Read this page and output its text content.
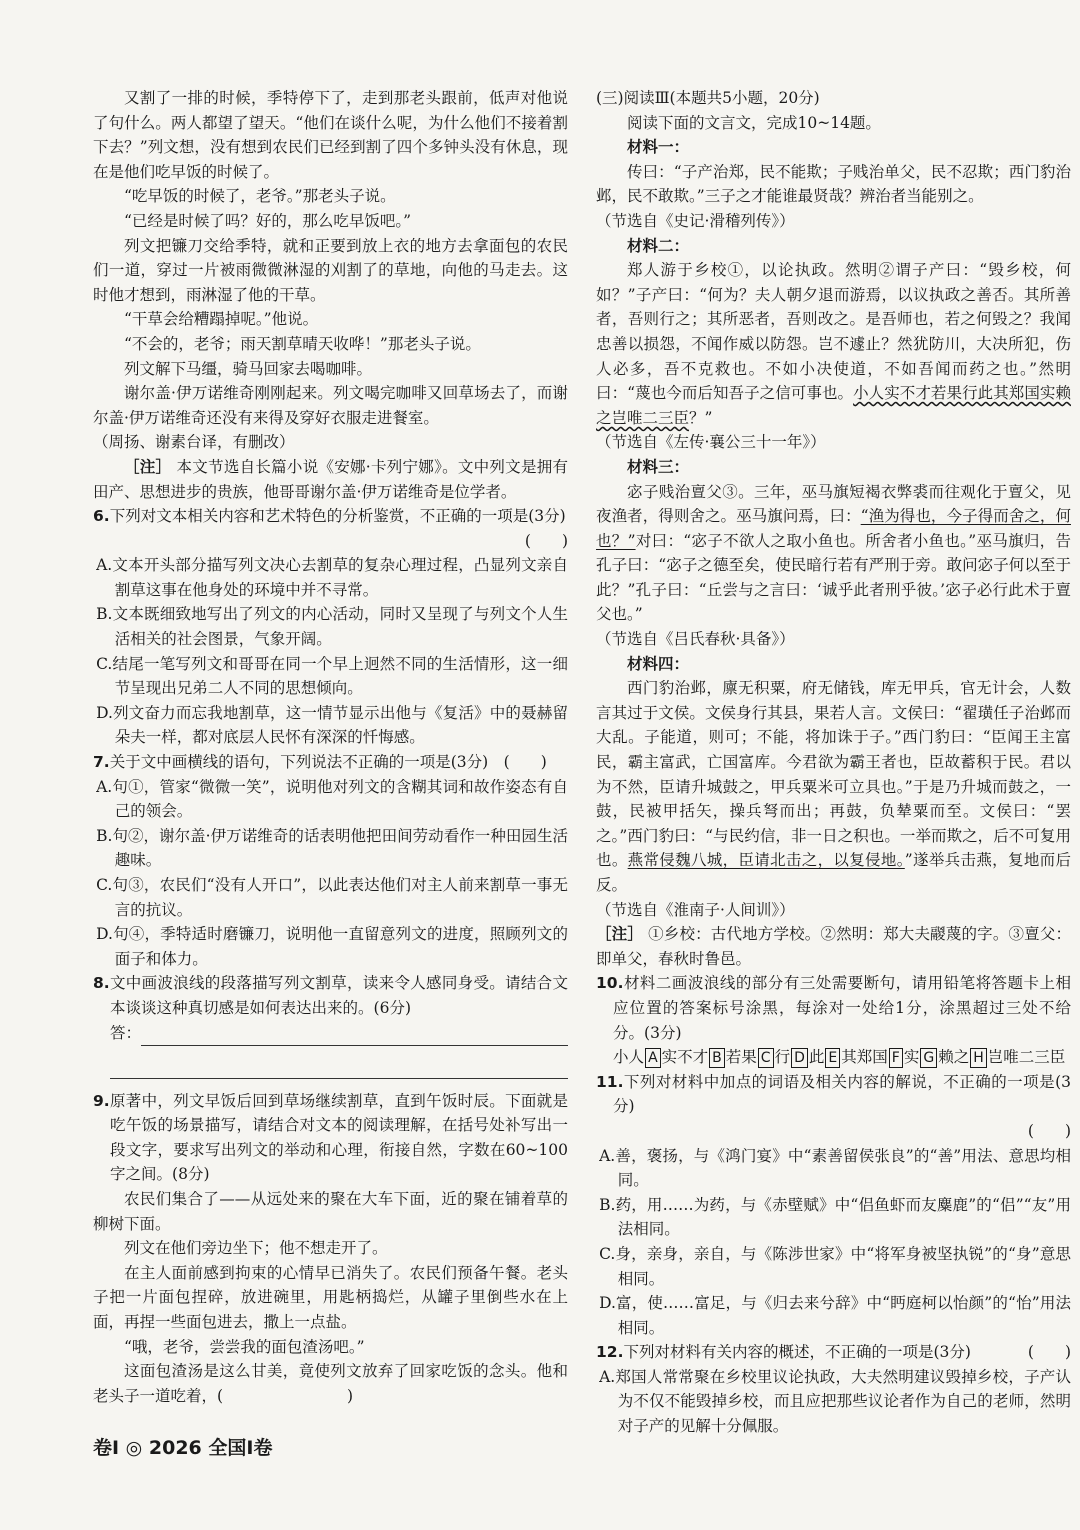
又割了一排的时候，季特停下了，走到那老头跟前，低声对他说了句什么。两人都望了望天。“他们在谈什么呢，为什么他们不接着割下去？”列文想，没有想到农民们已经到割了四个多钟头没有休息，现在是他们吃早饭的时候了。

“吃早饭的时候了，老爷。”那老头子说。

“已经是时候了吗？好的，那么吃早饭吧。”

列文把镰刀交给季特，就和正要到放上衣的地方去拿面包的农民们一道，穿过一片被雨微微淋湿的刈割了的草地，向他的马走去。这时他才想到，雨淋湿了他的干草。

“干草会给糟蹋掉呢。”他说。

“不会的，老爷；雨天割草晴天收哗！”那老头子说。

列文解下马缰，骑马回家去喝咖啡。

谢尔盖·伊万诺维奇刚刚起来。列文喝完咖啡又回草场去了，而谢尔盖·伊万诺维奇还没有来得及穿好衣服走进餐室。

（周扬、谢素台译，有删改）

［注］ 本文节选自长篇小说《安娜·卡列宁娜》。文中列文是拥有田产、思想进步的贵族，他哥哥谢尔盖·伊万诺维奇是位学者。

6.下列对文本相关内容和艺术特色的分析鉴赏，不正确的一项是(3分)

(　　)

A.文本开头部分描写列文决心去割草的复杂心理过程，凸显列文亲自割草这事在他身处的环境中并不寻常。

B.文本既细致地写出了列文的内心活动，同时又呈现了与列文个人生活相关的社会图景，气象开阔。

C.结尾一笔写列文和哥哥在同一个早上迥然不同的生活情形，这一细节呈现出兄弟二人不同的思想倾向。

D.列文奋力而忘我地割草，这一情节显示出他与《复活》中的聂赫留朵夫一样，都对底层人民怀有深深的忏悔感。

7.关于文中画横线的语句，下列说法不正确的一项是(3分)　(　　)

A.句①，管家“微微一笑”，说明他对列文的含糊其词和故作姿态有自己的领会。

B.句②，谢尔盖·伊万诺维奇的话表明他把田间劳动看作一种田园生活趣味。

C.句③，农民们“没有人开口”，以此表达他们对主人前来割草一事无言的抗议。

D.句④，季特适时磨镰刀，说明他一直留意列文的进度，照顾列文的面子和体力。

8.文中画波浪线的段落描写列文割草，读来令人感同身受。请结合文本谈谈这种真切感是如何表达出来的。(6分)

答：

9.原著中，列文早饭后回到草场继续割草，直到午饭时辰。下面就是吃午饭的场景描写，请结合对文本的阅读理解，在括号处补写出一段文字，要求写出列文的举动和心理，衔接自然，字数在60~100字之间。(8分)

农民们集合了——从远处来的聚在大车下面，近的聚在铺着草的柳树下面。

列文在他们旁边坐下；他不想走开了。

在主人面前感到拘束的心情早已消失了。农民们预备午餐。老头子把一片面包捏碎，放进碗里，用匙柄捣烂，从罐子里倒些水在上面，再捏一些面包进去，撒上一点盐。

“哦，老爷，尝尝我的面包渣汤吧。”

这面包渣汤是这么甘美，竟使列文放弃了回家吃饭的念头。他和老头子一道吃着，(　　　　　　　　)

(三)阅读Ⅲ(本题共5小题，20分)

阅读下面的文言文，完成10~14题。

材料一：

传曰：“子产治郑，民不能欺；子贱治单父，民不忍欺；西门豹治邺，民不敢欺。”三子之才能谁最贤哉？辨治者当能别之。

（节选自《史记·滑稽列传》）

材料二：

郑人游于乡校①，以论执政。然明②谓子产曰：“毁乡校，何如？”子产曰：“何为？夫人朝夕退而游焉，以议执政之善否。其所善者，吾则行之；其所恶者，吾则改之。是吾师也，若之何毁之？我闻忠善以损怨，不闻作威以防怨。岂不遽止？然犹防川，大决所犯，伤人必多，吾不克救也。不如小决使道，不如吾闻而药之也。”然明曰：“蔑也今而后知吾子之信可事也。小人实不才若果行此其郑国实赖之岂唯二三臣？”

（节选自《左传·襄公三十一年》）

材料三：

宓子贱治亶父③。三年，巫马旗短褐衣弊裘而往观化于亶父，见夜渔者，得则舍之。巫马旗问焉，曰：“渔为得也，今子得而舍之，何也？”对曰：“宓子不欲人之取小鱼也。所舍者小鱼也。”巫马旗归，告孔子曰：“宓子之德至矣，使民暗行若有严刑于旁。敢问宓子何以至于此？”孔子曰：“丘尝与之言曰：‘诚乎此者刑乎彼。’宓子必行此术于亶父也。”

（节选自《吕氏春秋·具备》）

材料四：

西门豹治邺，廪无积粟，府无储钱，库无甲兵，官无计会，人数言其过于文侯。文侯身行其县，果若人言。文侯曰：“翟璜任子治邺而大乱。子能道，则可；不能，将加诛于子。”西门豹曰：“臣闻王主富民，霸主富武，亡国富库。今君欲为霸王者也，臣故蓄积于民。君以为不然，臣请升城鼓之，甲兵粟米可立具也。”于是乃升城而鼓之，一鼓，民被甲括矢，操兵弩而出；再鼓，负辇粟而至。文侯曰：“罢之。”西门豹曰：“与民约信，非一日之积也。一举而欺之，后不可复用也。燕常侵魏八城，臣请北击之，以复侵地。”遂举兵击燕，复地而后反。

（节选自《淮南子·人间训》）

［注］ ①乡校：古代地方学校。②然明：郑大夫鬷蔑的字。③亶父：即单父，春秋时鲁邑。

10.材料二画波浪线的部分有三处需要断句，请用铅笔将答题卡上相应位置的答案标号涂黑，每涂对一处给1分，涂黑超过三处不给分。(3分)

小人 A 实不才 B 若果 C 行 D 此 E 其郑国 F 实 G 赖之 H 岂唯二三臣

11.下列对材料中加点的词语及相关内容的解说，不正确的一项是(3分)

(　　)

A.善，褒扬，与《鸿门宴》中“素善留侯张良”的“善”用法、意思均相同。

B.药，用……为药，与《赤壁赋》中“侣鱼虾而友麋鹿”的“侣”“友”用法相同。

C.身，亲身，亲自，与《陈涉世家》中“将军身被坚执锐”的“身”意思相同。

D.富，使……富足，与《归去来兮辞》中“眄庭柯以怡颜”的“怡”用法相同。

12.下列对材料有关内容的概述，不正确的一项是(3分)	(　　)

A.郑国人常常聚在乡校里议论执政，大夫然明建议毁掉乡校，子产认为不仅不能毁掉乡校，而且应把那些议论者作为自己的老师，然明对子产的见解十分佩服。

卷Ⅰ ◎ 2026 全国Ⅰ卷
